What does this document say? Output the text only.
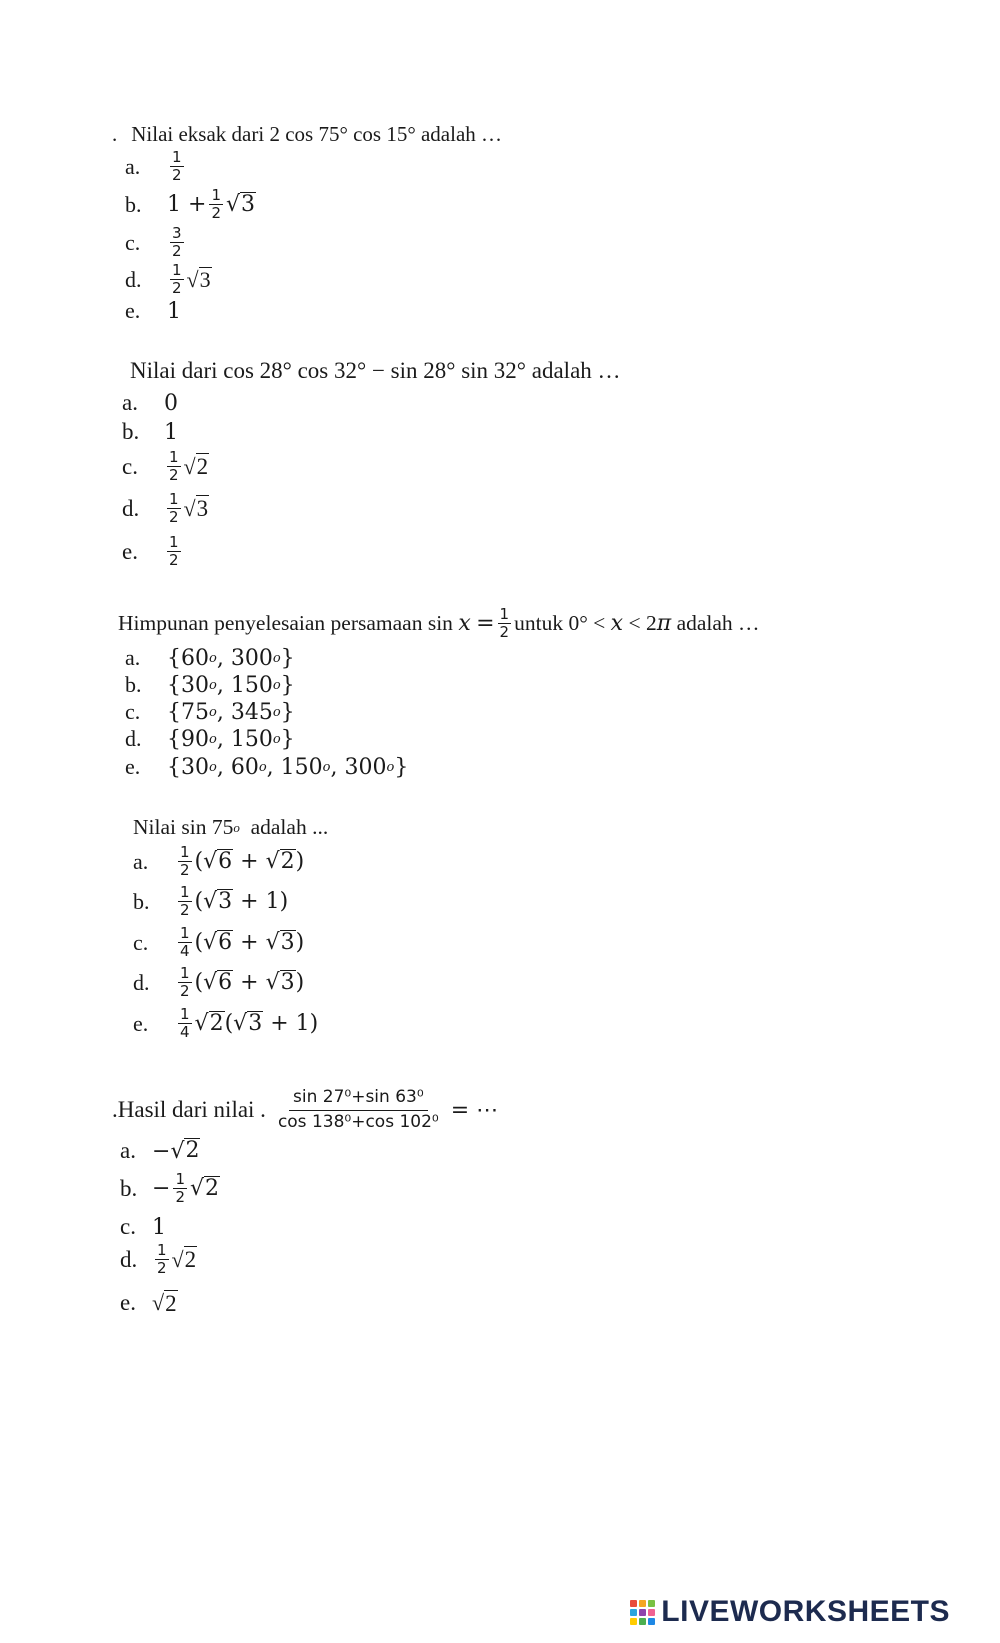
. Nilai eksak dari 2 cos 75° cos 15° adalah …
a.	$\frac{1}{2}$
b.	$1 + \frac{1}{2}$ √ 3
c.	$\frac{3}{2}$
d.	$\frac{1}{2}$ √ 3
e.	1
Nilai dari cos 28° cos 32° − sin 28° sin 32° adalah …
a.	0
b.	1
c.	$\frac{1}{2}$ √ 2
d.	$\frac{1}{2}$ √ 3
e.	$\frac{1}{2}$
Himpunan penyelesaian persamaan sin
x
= $\frac{1}{2}$ untuk 0° <
x
< 2 π
adalah …
a.	{ 60 o ,
300 o }
b.	{ 30 o ,
150 o }
c.	{ 75 o ,
345 o }
d.	{ 90 o ,
150 o }
e.	{ 30 o ,
60 o ,
150 o ,
300 o }
Nilai sin 75 o
adalah ...
a.	$\frac{1}{2}$ ( √ 6
+
√ 2 )
b.	$\frac{1}{2}$ ( √ 3
+ 1 )
c.	$\frac{1}{4}$ ( √ 6
+
√ 3 )
d.	$\frac{1}{2}$ ( √ 6
+
√ 3 )
e.	$\frac{1}{4}$ √ 2 ( √ 3
+ 1 )
.Hasil dari nilai . $\frac{\text{sin 27⁰+sin 63⁰}}{\text{cos 138⁰+cos 102⁰}}$ = ⋯
a. − √ 2
b. − $\frac{1}{2}$ √ 2
c. 1
d.	$\frac{1}{2}$ √ 2
e. √ 2
LIVEWORKSHEETS
